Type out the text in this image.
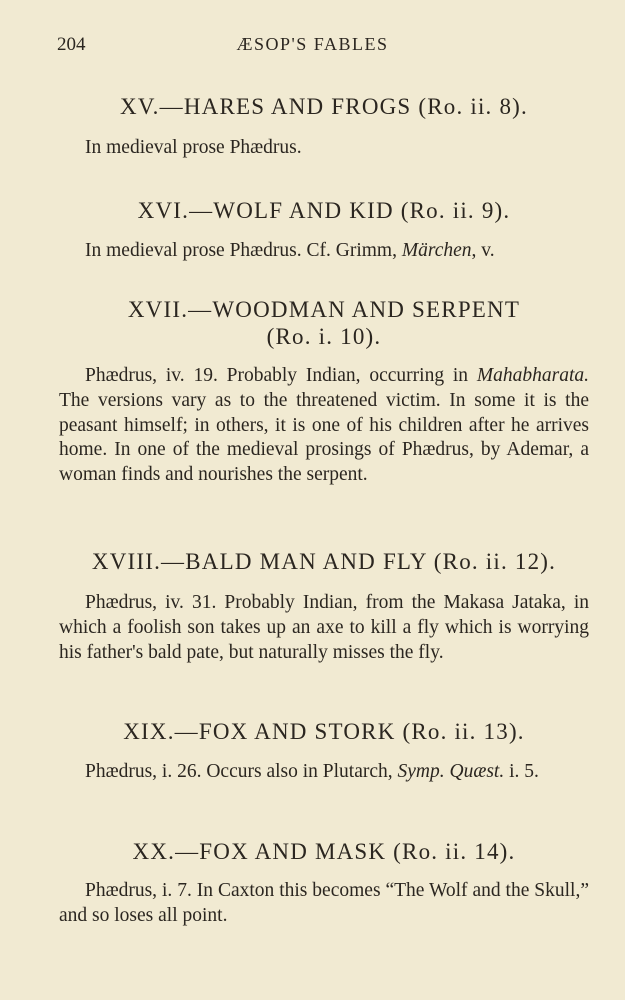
204	ÆSOP'S FABLES
XV.—HARES AND FROGS (Ro. ii. 8).

In medieval prose Phædrus.

XVI.—WOLF AND KID (Ro. ii. 9).

In medieval prose Phædrus. Cf. Grimm, Märchen, v.

XVII.—WOODMAN AND SERPENT
(Ro. i. 10).

Phædrus, iv. 19. Probably Indian, occurring in Mahabharata. The versions vary as to the threatened victim. In some it is the peasant himself; in others, it is one of his children after he arrives home. In one of the medieval prosings of Phædrus, by Ademar, a woman finds and nourishes the serpent.

XVIII.—BALD MAN AND FLY (Ro. ii. 12).

Phædrus, iv. 31. Probably Indian, from the Makasa Jataka, in which a foolish son takes up an axe to kill a fly which is worrying his father's bald pate, but naturally misses the fly.

XIX.—FOX AND STORK (Ro. ii. 13).

Phædrus, i. 26. Occurs also in Plutarch, Symp. Quæst. i. 5.

XX.—FOX AND MASK (Ro. ii. 14).

Phædrus, i. 7. In Caxton this becomes “The Wolf and the Skull,” and so loses all point.
